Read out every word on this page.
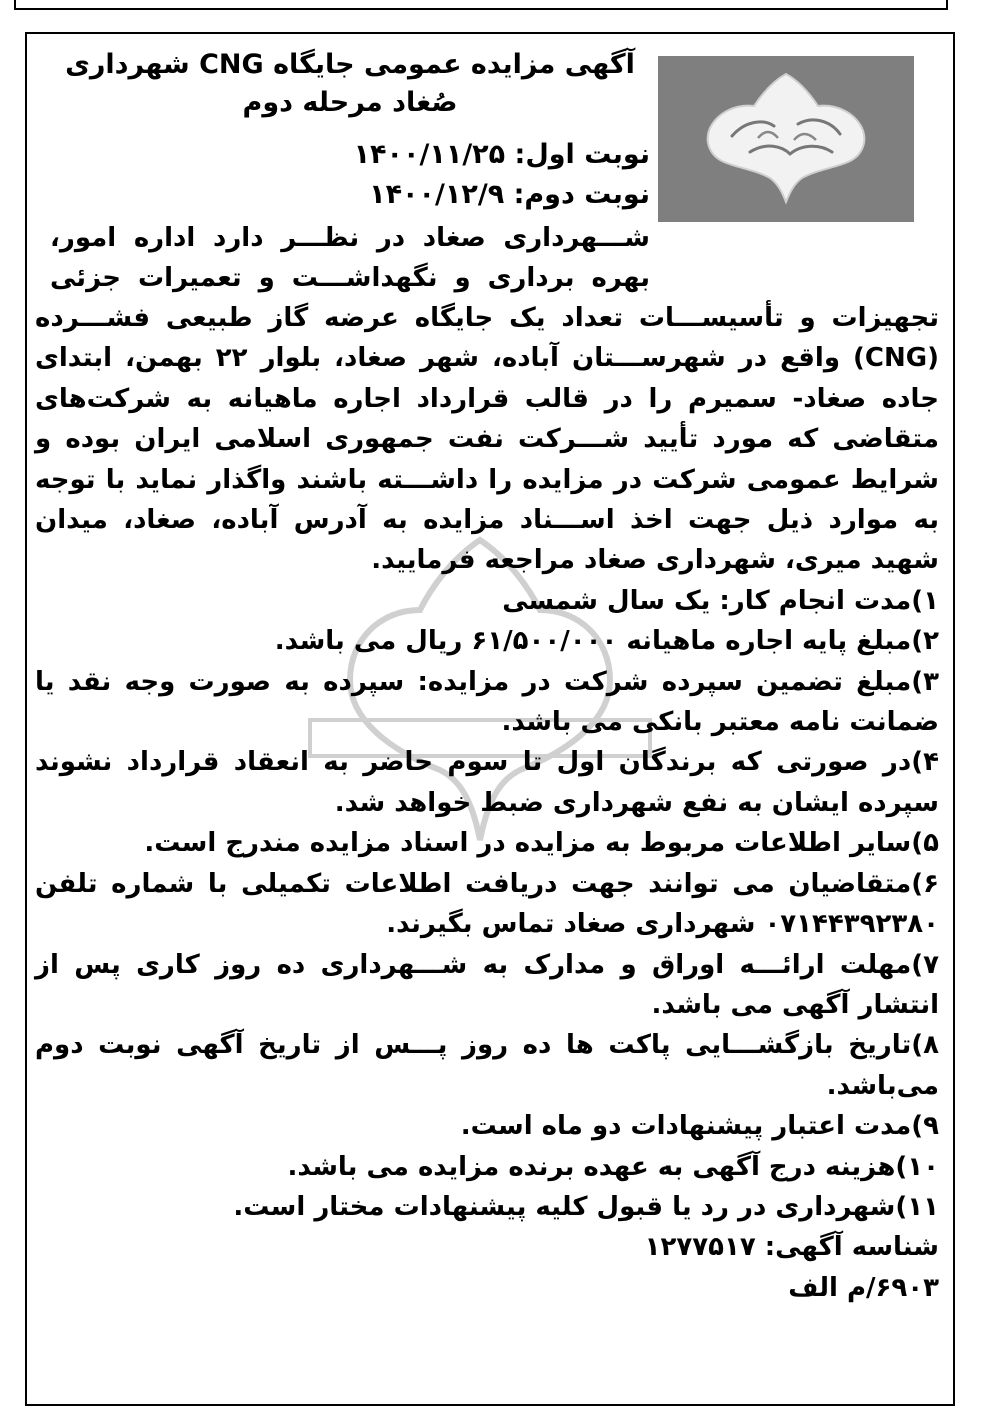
آگهی مزایده عمومی جایگاه CNG شهرداری
صُغاد مرحله دوم
نوبت اول: ۱۴۰۰/۱۱/۲۵
نوبت دوم: ۱۴۰۰/۱۲/۹
شـــهرداری صغاد در نظـــر دارد اداره امور، بهره برداری و نگهداشـــت و تعمیرات جزئی

تجهیزات و تأسیســـات تعداد یک جایگاه عرضه گاز طبیعی فشـــرده (CNG) واقع در شهرســـتان آباده، شهر صغاد، بلوار ۲۲ بهمن، ابتدای جاده صغاد- سمیرم را در قالب قرارداد اجاره ماهیانه به شرکت‌های متقاضی که مورد تأیید شـــرکت نفت جمهوری اسلامی ایران بوده و شرایط عمومی شرکت در مزایده را داشـــته باشند واگذار نماید با توجه به موارد ذیل جهت اخذ اســـناد مزایده به آدرس آباده، صغاد، میدان شهید میری، شهرداری صغاد مراجعه فرمایید.

۱)مدت انجام کار: یک سال شمسی

۲)مبلغ پایه اجاره ماهیانه ۶۱/۵۰۰/۰۰۰ ریال می باشد.

۳)مبلغ تضمین سپرده شرکت در مزایده: سپرده به صورت وجه نقد یا ضمانت نامه معتبر بانکی می باشد.

۴)در صورتی که برندگان اول تا سوم حاضر به انعقاد قرارداد نشوند سپرده ایشان به نفع شهرداری ضبط خواهد شد.

۵)سایر اطلاعات مربوط به مزایده در اسناد مزایده مندرج است.

۶)متقاضیان می توانند جهت دریافت اطلاعات تکمیلی با شماره تلفن ۰۷۱۴۴۳۹۲۳۸۰ شهرداری صغاد تماس بگیرند.

۷)مهلت ارائـــه اوراق و مدارک به شـــهرداری ده روز کاری پس از انتشار آگهی می باشد.

۸)تاریخ بازگشـــایی پاکت ها ده روز پـــس از تاریخ آگهی نوبت دوم می‌باشد.

۹)مدت اعتبار پیشنهادات دو ماه است.

۱۰)هزینه درج آگهی به عهده برنده مزایده می باشد.

۱۱)شهرداری در رد یا قبول کلیه پیشنهادات مختار است.

شناسه آگهی: ۱۲۷۷۵۱۷

۶۹۰۳/م الف
